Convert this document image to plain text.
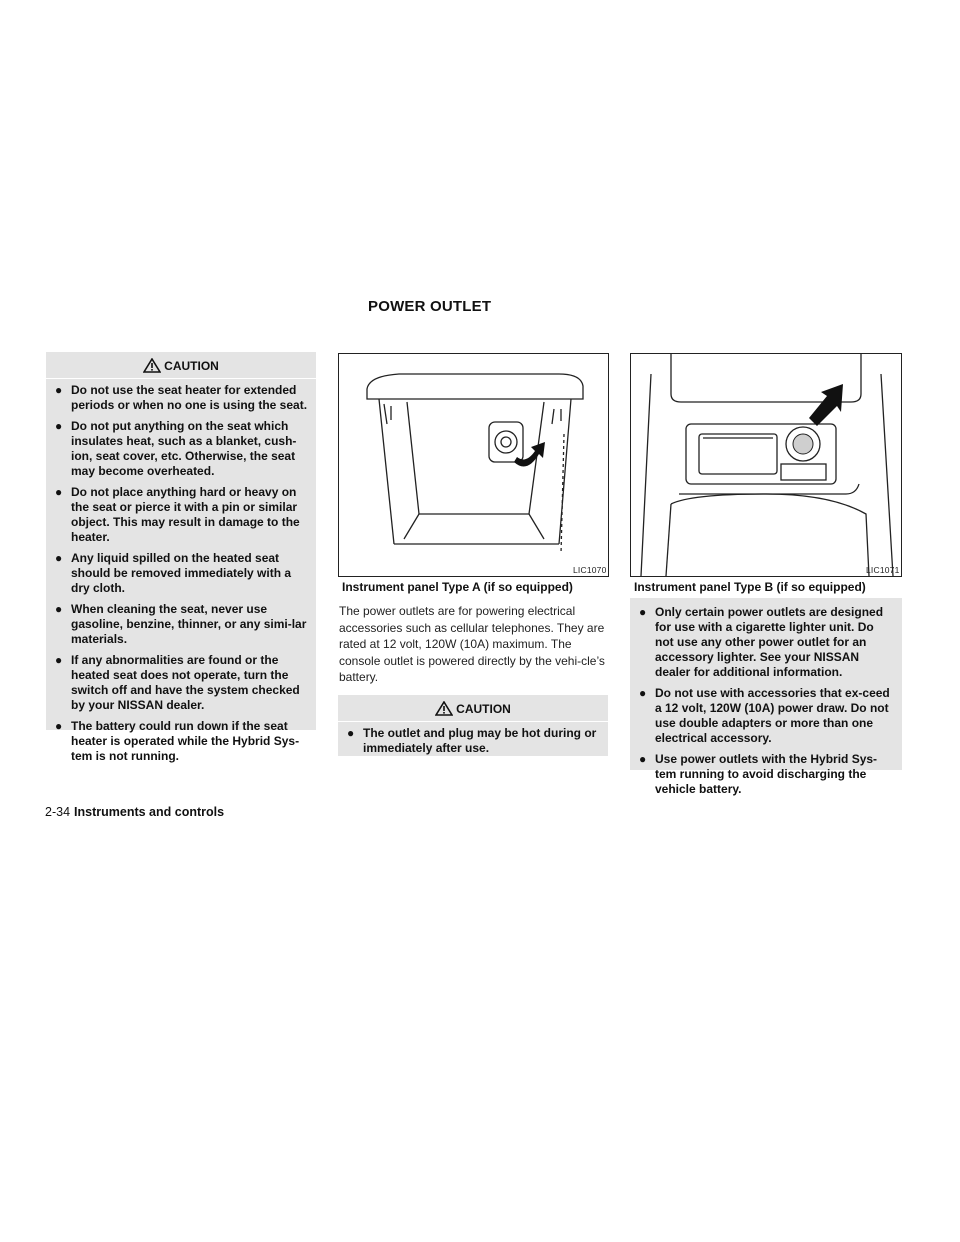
POWER OUTLET
CAUTION
● Do not use the seat heater for extended periods or when no one is using the seat.
● Do not put anything on the seat which insulates heat, such as a blanket, cush-ion, seat cover, etc. Otherwise, the seat may become overheated.
● Do not place anything hard or heavy on the seat or pierce it with a pin or similar object. This may result in damage to the heater.
● Any liquid spilled on the heated seat should be removed immediately with a dry cloth.
● When cleaning the seat, never use gasoline, benzine, thinner, or any simi-lar materials.
● If any abnormalities are found or the heated seat does not operate, turn the switch off and have the system checked by your NISSAN dealer.
● The battery could run down if the seat heater is operated while the Hybrid Sys-tem is not running.
LIC1070
Instrument panel Type A (if so equipped)
LIC1071
Instrument panel Type B (if so equipped)
The power outlets are for powering electrical accessories such as cellular telephones. They are rated at 12 volt, 120W (10A) maximum. The console outlet is powered directly by the vehi-cle’s battery.
CAUTION
● The outlet and plug may be hot during or immediately after use.
● Only certain power outlets are designed for use with a cigarette lighter unit. Do not use any other power outlet for an accessory lighter. See your NISSAN dealer for additional information.
● Do not use with accessories that ex-ceed a 12 volt, 120W (10A) power draw. Do not use double adapters or more than one electrical accessory.
● Use power outlets with the Hybrid Sys-tem running to avoid discharging the vehicle battery.
2-34 Instruments and controls
